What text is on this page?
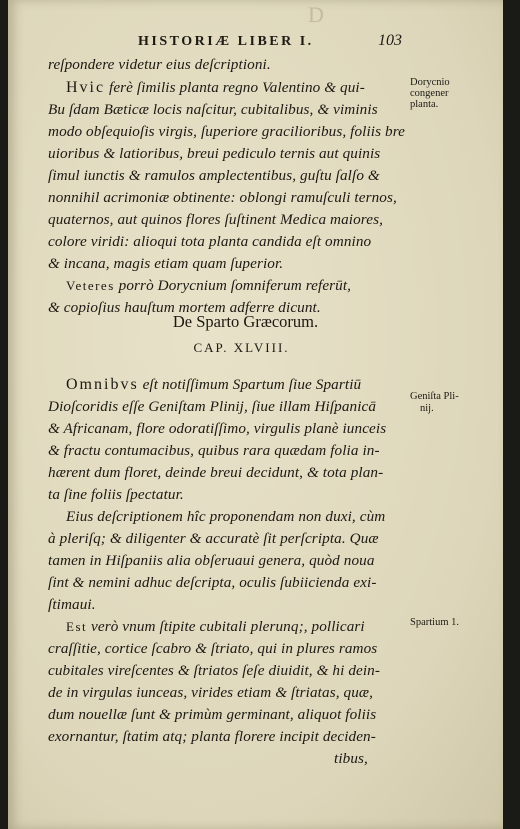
D
HISTORIÆ LIBER I.	103
reſpondere videtur eius deſcriptioni.
Hvic ferè ſimilis planta regno Valentino & qui-
Bu ſdam Bæticæ locis naſcitur, cubitalibus, & viminis
modo obſequioſis virgis, ſuperiore gracilioribus, foliis bre
uioribus & latioribus, breui pediculo ternis aut quinis
ſimul iunctis & ramulos amplectentibus, guſtu ſalſo &
nonnihil acrimoniæ obtinente: oblongi ramuſculi ternos,
quaternos, aut quinos flores ſuſtinent Medica maiores,
colore viridi: alioqui tota planta candida eſt omnino
& incana, magis etiam quam ſuperior.
Veteres porrò Dorycnium ſomniferum referūt,
& copioſius hauſtum mortem adferre dicunt.
Dorycnio
congener
planta.
De Sparto Græcorum.
CAP. XLVIII.
Omnibvs eſt notiſſimum Spartum ſiue Spartiū
Dioſcoridis eſſe Geniſtam Plinij, ſiue illam Hiſpanicā
& Africanam, flore odoratiſſimo, virgulis planè iunceis
& fractu contumacibus, quibus rara quædam folia in-
hærent dum floret, deinde breui decidunt, & tota plan-
ta ſine foliis ſpectatur.
Eius deſcriptionem hîc proponendam non duxi, cùm
à pleriſq; & diligenter & accuratè ſit perſcripta. Quæ
tamen in Hiſpaniis alia obſeruaui genera, quòd noua
ſint & nemini adhuc deſcripta, oculis ſubiicienda exi-
ſtimaui.
Est verò vnum ſtipite cubitali plerunq;, pollicari
craſſitie, cortice ſcabro & ſtriato, qui in plures ramos
cubitales vireſcentes & ſtriatos ſeſe diuidit, & hi dein-
de in virgulas iunceas, virides etiam & ſtriatas, quæ,
dum nouellæ ſunt & primùm germinant, aliquot foliis
exornantur, ſtatim atq; planta florere incipit deciden-
tibus,
Geniſta Pli-
nij.
Spartium 1.
